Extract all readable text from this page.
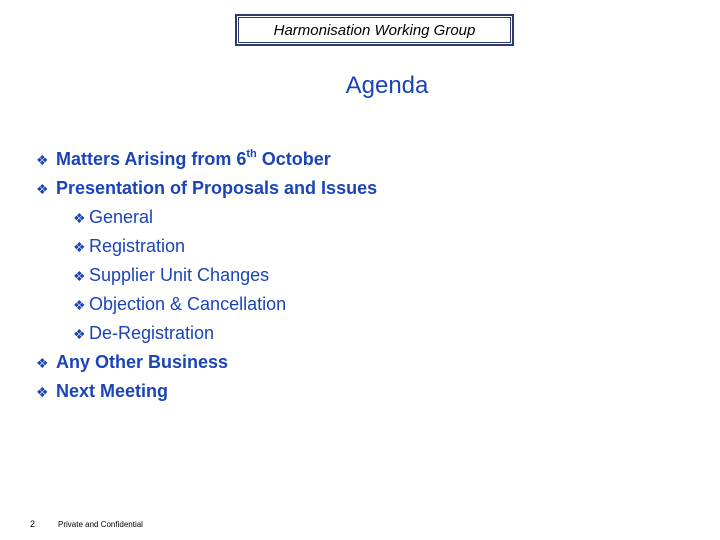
Harmonisation Working Group
Agenda
❖ Matters Arising from 6th October
❖ Presentation of Proposals and Issues
❖ General
❖ Registration
❖ Supplier Unit Changes
❖ Objection & Cancellation
❖ De-Registration
❖ Any Other Business
❖ Next Meeting
2	Private and Confidential
